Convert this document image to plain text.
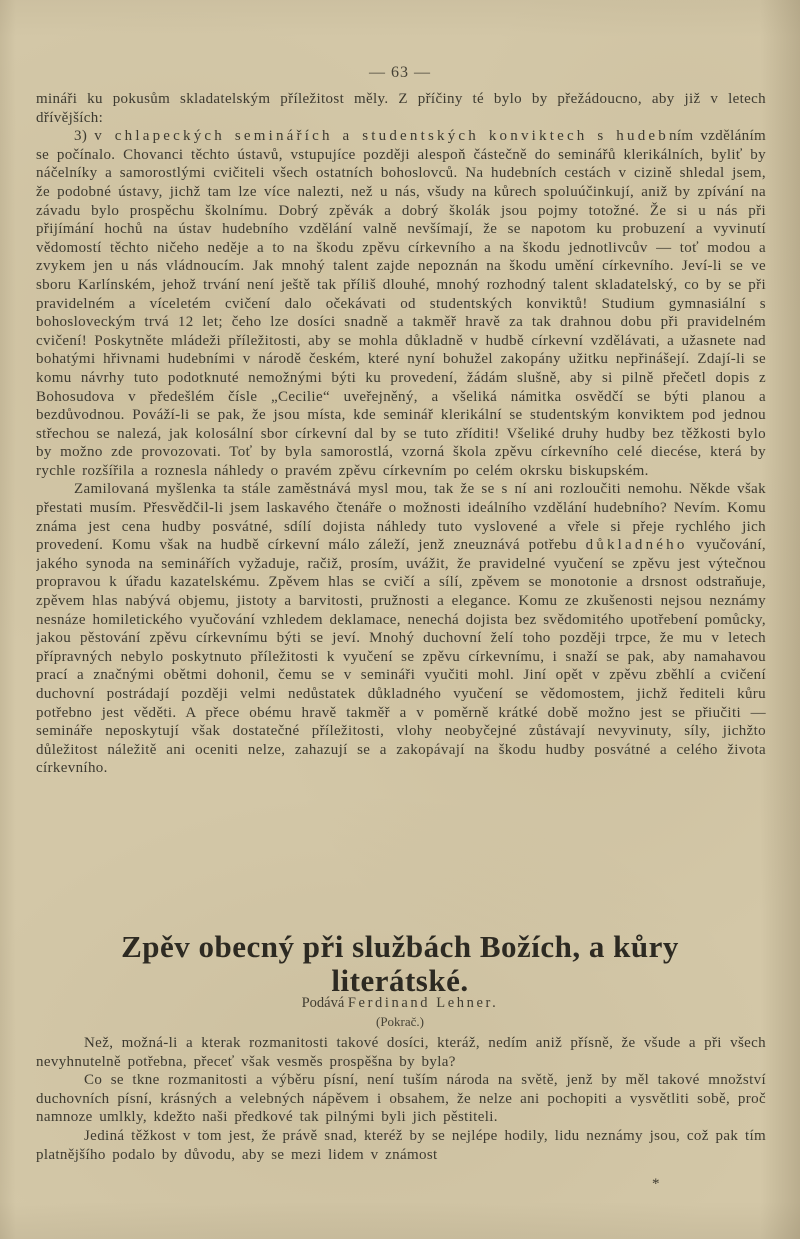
— 63 —

mináři ku pokusům skladatelským příležitost měly. Z příčiny té bylo by přežádoucno, aby již v letech dřívějších:

3) v chlapeckých seminářích a studentských konviktech s hudebním vzděláním se počínalo. Chovanci těchto ústavů, vstupujíce později alespoň částečně do seminářů klerikálních, byliť by náčelníky a samorostlými cvičiteli všech ostatních bohoslovců. Na hudebních cestách v cizině shledal jsem, že podobné ústavy, jichž tam lze více nalezti, než u nás, všudy na kůrech spoluúčinkují, aniž by zpívání na závadu bylo prospěchu školnímu. Dobrý zpěvák a dobrý školák jsou pojmy totožné. Že si u nás při přijímání hochů na ústav hudebního vzdělání valně nevšímají, že se napotom ku probuzení a vyvinutí vědomostí těchto ničeho neděje a to na škodu zpěvu církevního a na škodu jednotlivcův — toť modou a zvykem jen u nás vládnoucím. Jak mnohý talent zajde nepoznán na škodu umění církevního. Jeví-li se ve sboru Karlínském, jehož trvání není ještě tak příliš dlouhé, mnohý rozhodný talent skladatelský, co by se při pravidelném a víceletém cvičení dalo očekávati od studentských konviktů! Studium gymnasiální s bohosloveckým trvá 12 let; čeho lze dosíci snadně a takměř hravě za tak drahnou dobu při pravidelném cvičení! Poskytněte mládeži příležitosti, aby se mohla důkladně v hudbě církevní vzdělávati, a užasnete nad bohatými hřivnami hudebními v národě českém, které nyní bohužel zakopány užitku nepřinášejí. Zdají-li se komu návrhy tuto podotknuté nemožnými býti ku provedení, žádám slušně, aby si pilně přečetl dopis z Bohosudova v předešlém čísle „Cecilie“ uveřejněný, a všeliká námitka osvědčí se býti planou a bezdůvodnou. Pováží-li se pak, že jsou místa, kde seminář klerikální se studentským konviktem pod jednou střechou se nalezá, jak kolosální sbor církevní dal by se tuto zříditi! Všeliké druhy hudby bez těžkosti bylo by možno zde provozovati. Toť by byla samorostlá, vzorná škola zpěvu církevního celé diecése, která by rychle rozšířila a roznesla náhledy o pravém zpěvu církevním po celém okrsku biskupském.

Zamilovaná myšlenka ta stále zaměstnává mysl mou, tak že se s ní ani rozloučiti nemohu. Někde však přestati musím. Přesvědčil-li jsem laskavého čtenáře o možnosti ideálního vzdělání hudebního? Nevím. Komu známa jest cena hudby posvátné, sdílí dojista náhledy tuto vyslovené a vřele si přeje rychlého jich provedení. Komu však na hudbě církevní málo záleží, jenž zneuznává potřebu důkladného vyučování, jakého synoda na seminářích vyžaduje, račiž, prosím, uvážit, že pravidelné vyučení se zpěvu jest výtečnou propravou k úřadu kazatelskému. Zpěvem hlas se cvičí a sílí, zpěvem se monotonie a drsnost odstraňuje, zpěvem hlas nabývá objemu, jistoty a barvitosti, pružnosti a elegance. Komu ze zkušenosti nejsou neznámy nesnáze homiletického vyučování vzhledem deklamace, nenechá dojista bez svědomitého upotřebení pomůcky, jakou pěstování zpěvu církevnímu býti se jeví. Mnohý duchovní želí toho později trpce, že mu v letech přípravných nebylo poskytnuto příležitosti k vyučení se zpěvu církevnímu, i snaží se pak, aby namahavou prací a značnými obětmi dohonil, čemu se v semináři vyučiti mohl. Jiní opět v zpěvu zběhlí a cvičení duchovní postrádají později velmi nedůstatek důkladného vyučení se vědomostem, jichž řediteli kůru potřebno jest věděti. A přece obému hravě takměř a v poměrně krátké době možno jest se přiučiti — semináře neposkytují však dostatečné příležitosti, vlohy neobyčejné zůstávají nevyvinuty, síly, jichžto důležitost náležitě ani oceniti nelze, zahazují se a zakopávají na škodu hudby posvátné a celého života církevního.

Zpěv obecný při službách Božích, a kůry
literátské.
Podává Ferdinand Lehner.
(Pokrač.)

Než, možná-li a kterak rozmanitosti takové dosíci, kteráž, nedím aniž přísně, že všude a při všech nevyhnutelně potřebna, přeceť však vesměs prospěšna by byla?

Co se tkne rozmanitosti a výběru písní, není tuším národa na světě, jenž by měl takové množství duchovních písní, krásných a velebných nápěvem i obsahem, že nelze ani pochopiti a vysvětliti sobě, proč namnoze umlkly, kdežto naši předkové tak pilnými byli jich pěstiteli.

Jediná těžkost v tom jest, že právě snad, kteréž by se nejlépe hodily, lidu neznámy jsou, což pak tím platnějšího podalo by důvodu, aby se mezi lidem v známost

*
